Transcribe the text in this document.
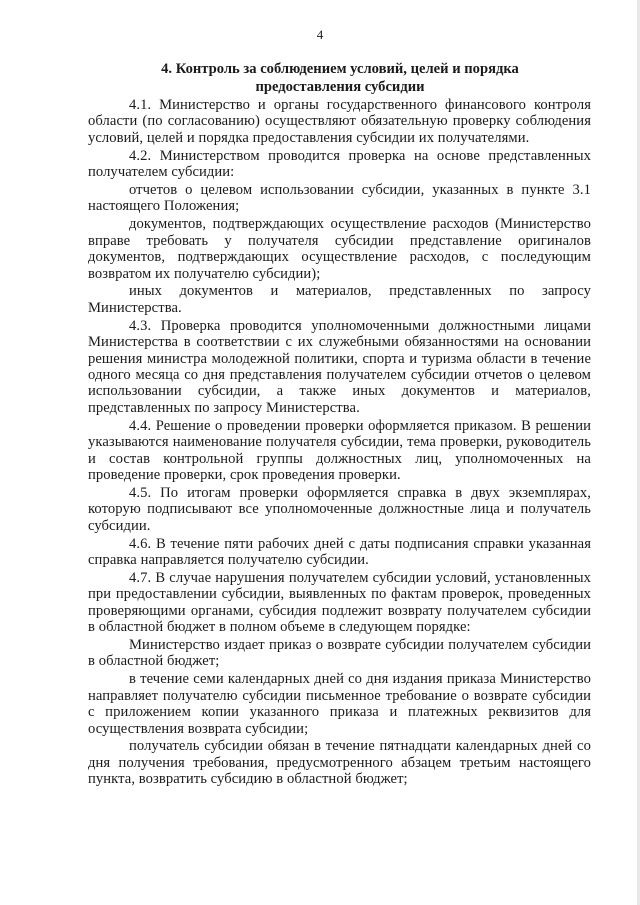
4
4. Контроль за соблюдением условий, целей и порядка
предоставления субсидии

4.1. Министерство и органы государственного финансового контроля области (по согласованию) осуществляют обязательную проверку соблюдения условий, целей и порядка предоставления субсидии их получателями.

4.2. Министерством проводится проверка на основе представленных получателем субсидии:

отчетов о целевом использовании субсидии, указанных в пункте 3.1 настоящего Положения;

документов, подтверждающих осуществление расходов (Министерство вправе требовать у получателя субсидии представление оригиналов документов, подтверждающих осуществление расходов, с последующим возвратом их получателю субсидии);

иных документов и материалов, представленных по запросу Министерства.

4.3. Проверка проводится уполномоченными должностными лицами Министерства в соответствии с их служебными обязанностями на основании решения министра молодежной политики, спорта и туризма области в течение одного месяца со дня представления получателем субсидии отчетов о целевом использовании субсидии, а также иных документов и материалов, представленных по запросу Министерства.

4.4. Решение о проведении проверки оформляется приказом. В решении указываются наименование получателя субсидии, тема проверки, руководитель и состав контрольной группы должностных лиц, уполномоченных на проведение проверки, срок проведения проверки.

4.5. По итогам проверки оформляется справка в двух экземплярах, которую подписывают все уполномоченные должностные лица и получатель субсидии.

4.6. В течение пяти рабочих дней с даты подписания справки указанная справка направляется получателю субсидии.

4.7. В случае нарушения получателем субсидии условий, установленных при предоставлении субсидии, выявленных по фактам проверок, проведенных проверяющими органами, субсидия подлежит возврату получателем субсидии в областной бюджет в полном объеме в следующем порядке:

Министерство издает приказ о возврате субсидии получателем субсидии в областной бюджет;

в течение семи календарных дней со дня издания приказа Министерство направляет получателю субсидии письменное требование о возврате субсидии с приложением копии указанного приказа и платежных реквизитов для осуществления возврата субсидии;

получатель субсидии обязан в течение пятнадцати календарных дней со дня получения требования, предусмотренного абзацем третьим настоящего пункта, возвратить субсидию в областной бюджет;
